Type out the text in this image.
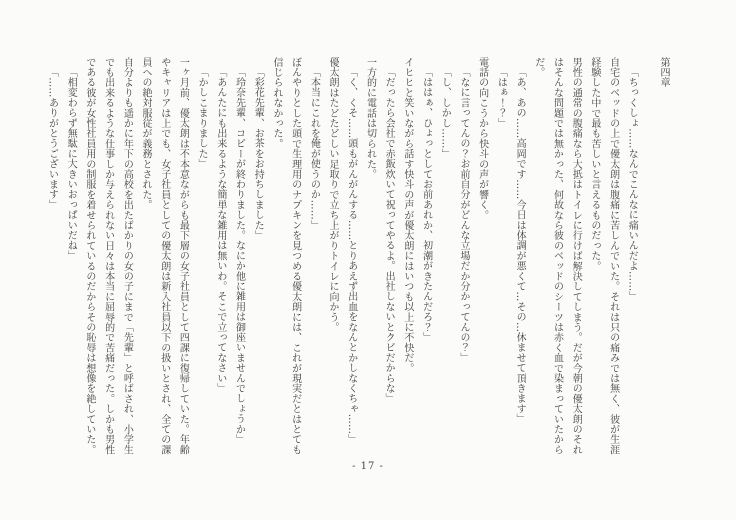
第四章

「ちっくしょ……なんでこんなに痛いんだよ……」

自宅のベッドの上で優太朗は腹痛に苦しんでいた。それは只の痛みでは無く、彼が生涯経験した中で最も苦しいと言えるものだった。

男性の通常の腹痛なら大抵はトイレに行けば解決してしまう。だが今朝の優太朗のそれはそんな問題では無かった、何故なら彼のベッドのシーツは赤く血で染まっていたからだ。

「あ、あの……高岡です……今日は体調が悪くて…その…休ませて頂きます」

「はぁ！？」

電話の向こうから快斗の声が響く。

「なに言ってんの？お前自分がどんな立場だか分かってんの？」

「し、しかし……」

「ははぁ、ひょっとしてお前あれか、初潮がきたんだろ？」

イヒヒと笑いながら話す快斗の声が優太朗にはいつも以上に不快だ。

「だったら会社で赤飯炊いて祝ってやるよ。出社しないとクビだからな」

一方的に電話は切られた。

「く、くそ……頭もがんがんする……とりあえず出血をなんとかしなくちゃ……」

優太朗はたどたどしい足取りで立ち上がりトイレに向かう。

「本当にこれを俺が使うのか……」

ぼんやりとした頭で生理用のナプキンを見つめる優太朗には、これが現実だとはとても信じられなかった。

「彩花先輩、お茶をお持ちしました」

「玲奈先輩、コピーが終わりました。なにか他に雑用は御座いませんでしょうか」

「あんたにも出来るような簡単な雑用は無いわ。そこで立ってなさい」

「かしこまりました」

一ヶ月前、優太朗は不本意ながらも最下層の女子社員として四課に復帰していた。年齢やキャリアは上でも、女子社員としての優太朗は新入社員以下の扱いとされ、全ての課員への絶対服従が義務とされた。

自分よりも遥かに年下の高校を出たばかりの女の子にまで「先輩」と呼ばされ、小学生でも出来るような仕事しか与えられない日々は本当に屈辱的で苦痛だった。しかも男性である彼が女性社員用の制服を着せられているのだからその恥辱は想像を絶していた。

「相変わらず無駄に大きいおっぱいだね」

「……ありがとうございます」

- 17 -
